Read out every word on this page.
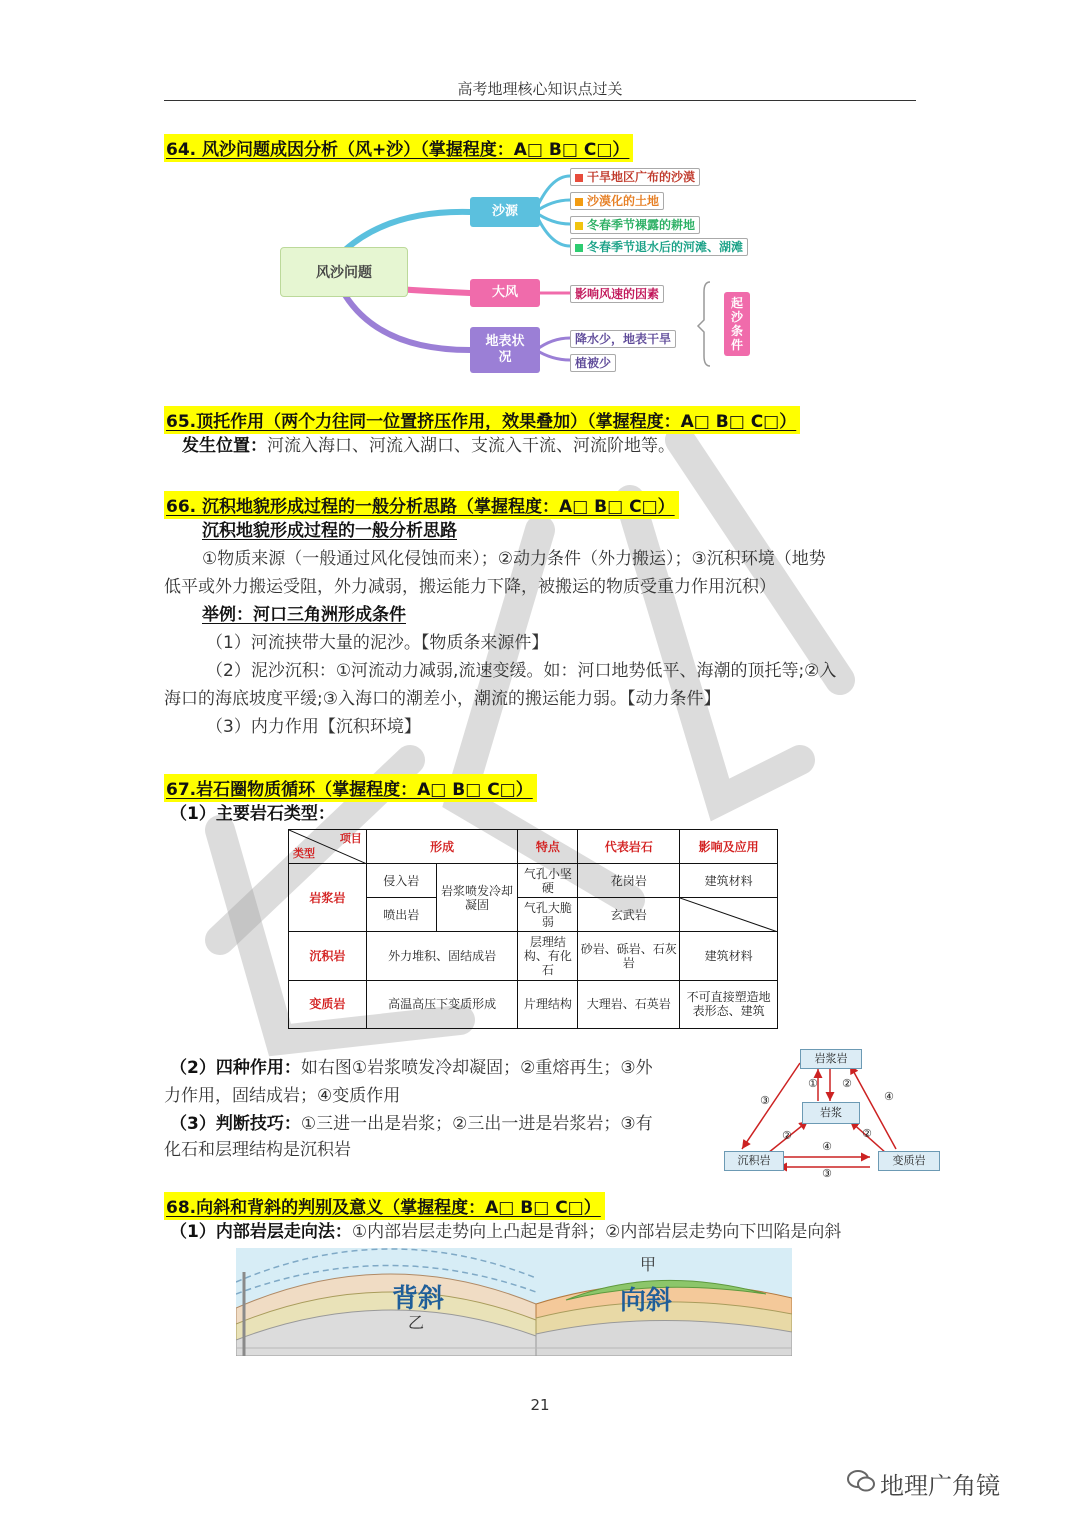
高考地理核心知识点过关
64. 风沙问题成因分析（风+沙）（掌握程度：A□ B□ C□）
风沙问题
沙源
大风
地表状况
干旱地区广布的沙漠
沙漠化的土地
冬春季节裸露的耕地
冬春季节退水后的河滩、湖滩
影响风速的因素
降水少，地表干旱
植被少
起沙条件
65.顶托作用（两个力往同一位置挤压作用，效果叠加）（掌握程度：A□ B□ C□）
发生位置：河流入海口、河流入湖口、支流入干流、河流阶地等。
66. 沉积地貌形成过程的一般分析思路（掌握程度：A□ B□ C□）
沉积地貌形成过程的一般分析思路
①物质来源（一般通过风化侵蚀而来）；②动力条件（外力搬运）；③沉积环境（地势
低平或外力搬运受阻，外力减弱，搬运能力下降，被搬运的物质受重力作用沉积）
举例：河口三角洲形成条件
（1）河流挟带大量的泥沙。【物质条来源件】
（2）泥沙沉积：①河流动力减弱,流速变缓。如：河口地势低平、海潮的顶托等;②入
海口的海底坡度平缓;③入海口的潮差小，潮流的搬运能力弱。【动力条件】
（3）内力作用【沉积环境】
67.岩石圈物质循环（掌握程度：A□ B□ C□）
（1）主要岩石类型：
项目
类型	形成		特点	代表岩石	影响及应用
岩浆岩	侵入岩	岩浆喷发冷却凝固	气孔小坚硬	花岗岩	建筑材料
	喷出岩		气孔大脆弱	玄武岩	

沉积岩	外力堆积、固结成岩		层理结构、有化石	砂岩、砾岩、石灰岩	建筑材料
变质岩	高温高压下变质形成		片理结构	大理岩、石英岩	不可直接塑造地表形态、建筑
（2）四种作用：如右图①岩浆喷发冷却凝固；②重熔再生；③外
力作用，固结成岩；④变质作用
（3）判断技巧：①三进一出是岩浆；②三出一进是岩浆岩；③有
化石和层理结构是沉积岩
岩浆岩
岩浆
沉积岩	变质岩
① ②
③	④
②	②
④
③
68.向斜和背斜的判别及意义（掌握程度：A□ B□ C□）
（1）内部岩层走向法：①内部岩层走势向上凸起是背斜；②内部岩层走势向下凹陷是向斜
背斜	向斜
甲
乙
21
地理广角镜
